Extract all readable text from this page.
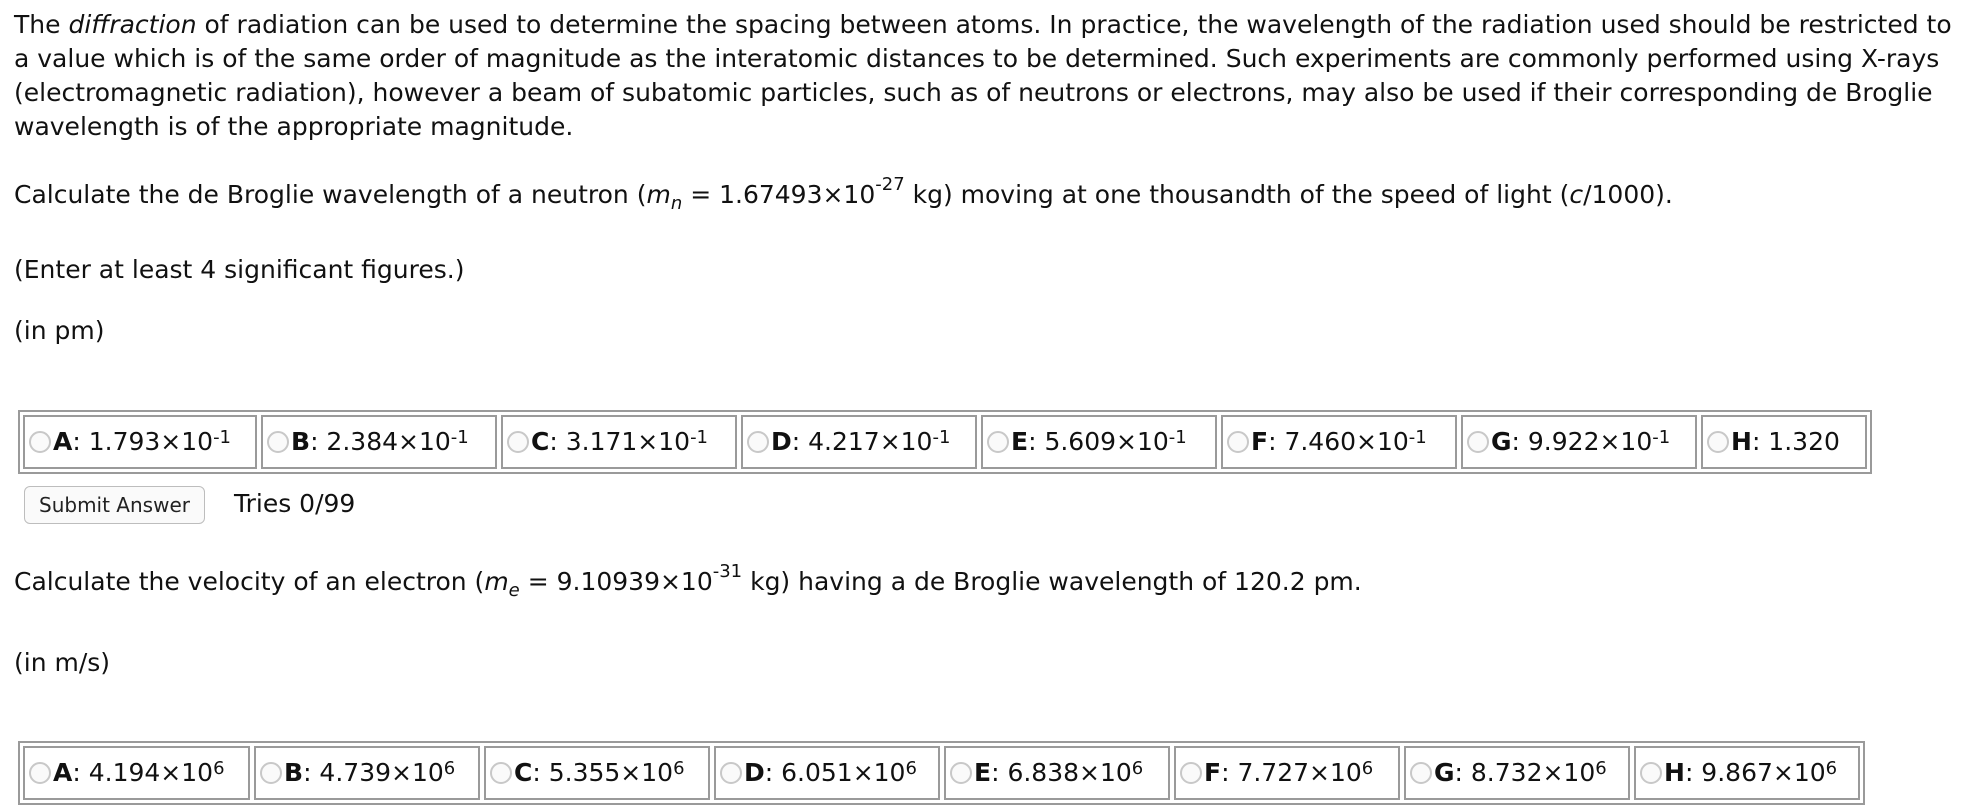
The diffraction of radiation can be used to determine the spacing between atoms. In practice, the wavelength of the radiation used should be restricted to a value which is of the same order of magnitude as the interatomic distances to be determined. Such experiments are commonly performed using X-rays (electromagnetic radiation), however a beam of subatomic particles, such as of neutrons or electrons, may also be used if their corresponding de Broglie wavelength is of the appropriate magnitude.

Calculate the de Broglie wavelength of a neutron ($m_n = 1.67493\times 10^{-27}$ kg) moving at one thousandth of the speed of light (c/1000).

(Enter at least 4 significant figures.)

(in pm)

A : $1.793\times 10^{-1}$ B : $2.384\times 10^{-1}$ C : $3.171\times 10^{-1}$	D : $4.217\times 10^{-1}$ E : $5.609\times 10^{-1}$	F : $7.460\times 10^{-1}$	G : $9.922\times 10^{-1}$ H : 1.320
Submit Answer	Tries 0/99

Calculate the velocity of an electron ($m_e = 9.10939\times 10^{-31}$ kg) having a de Broglie wavelength of 120.2 pm.

(in m/s)

A : $4.194\times 10^6$ B : $4.739\times 10^6$ C : $5.355\times 10^6$ D : $6.051\times 10^6$ E : $6.838\times 10^6$ F : $7.727\times 10^6$ G : $8.732\times 10^6$ H : $9.867\times 10^6$
